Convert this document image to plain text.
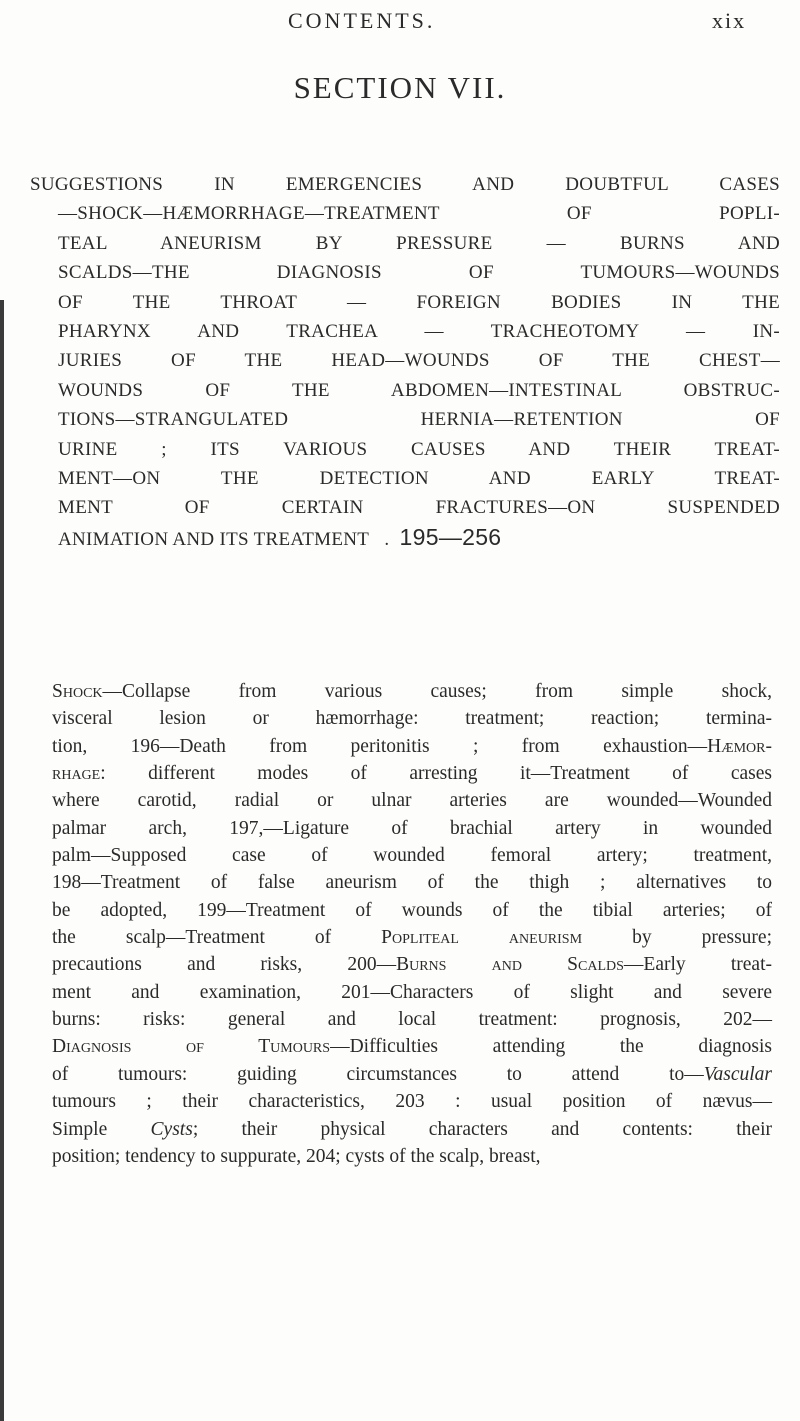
CONTENTS.	xix
SECTION VII.
SUGGESTIONS IN EMERGENCIES AND DOUBTFUL CASES
—SHOCK—HÆMORRHAGE—TREATMENT OF POPLI-
TEAL ANEURISM BY PRESSURE — BURNS AND
SCALDS—THE DIAGNOSIS OF TUMOURS—WOUNDS
OF THE THROAT — FOREIGN BODIES IN THE
PHARYNX AND TRACHEA — TRACHEOTOMY — IN-
JURIES OF THE HEAD—WOUNDS OF THE CHEST—
WOUNDS OF THE ABDOMEN—INTESTINAL OBSTRUC-
TIONS—STRANGULATED HERNIA—RETENTION OF
URINE ; ITS VARIOUS CAUSES AND THEIR TREAT-
MENT—ON THE DETECTION AND EARLY TREAT-
MENT OF CERTAIN FRACTURES—ON SUSPENDED
ANIMATION AND ITS TREATMENT . 195—256
Shock—Collapse from various causes; from simple shock,
visceral lesion or hæmorrhage: treatment; reaction; termina-
tion, 196—Death from peritonitis ; from exhaustion—Hæmor-
rhage: different modes of arresting it—Treatment of cases
where carotid, radial or ulnar arteries are wounded—Wounded
palmar arch, 197,—Ligature of brachial artery in wounded
palm—Supposed case of wounded femoral artery; treatment,
198—Treatment of false aneurism of the thigh ; alternatives to
be adopted, 199—Treatment of wounds of the tibial arteries; of
the scalp—Treatment of Popliteal aneurism by pressure;
precautions and risks, 200—Burns and Scalds—Early treat-
ment and examination, 201—Characters of slight and severe
burns: risks: general and local treatment: prognosis, 202—
Diagnosis of Tumours—Difficulties attending the diagnosis
of tumours: guiding circumstances to attend to—Vascular
tumours ; their characteristics, 203 : usual position of nævus—
Simple Cysts; their physical characters and contents: their
position; tendency to suppurate, 204; cysts of the scalp, breast,
